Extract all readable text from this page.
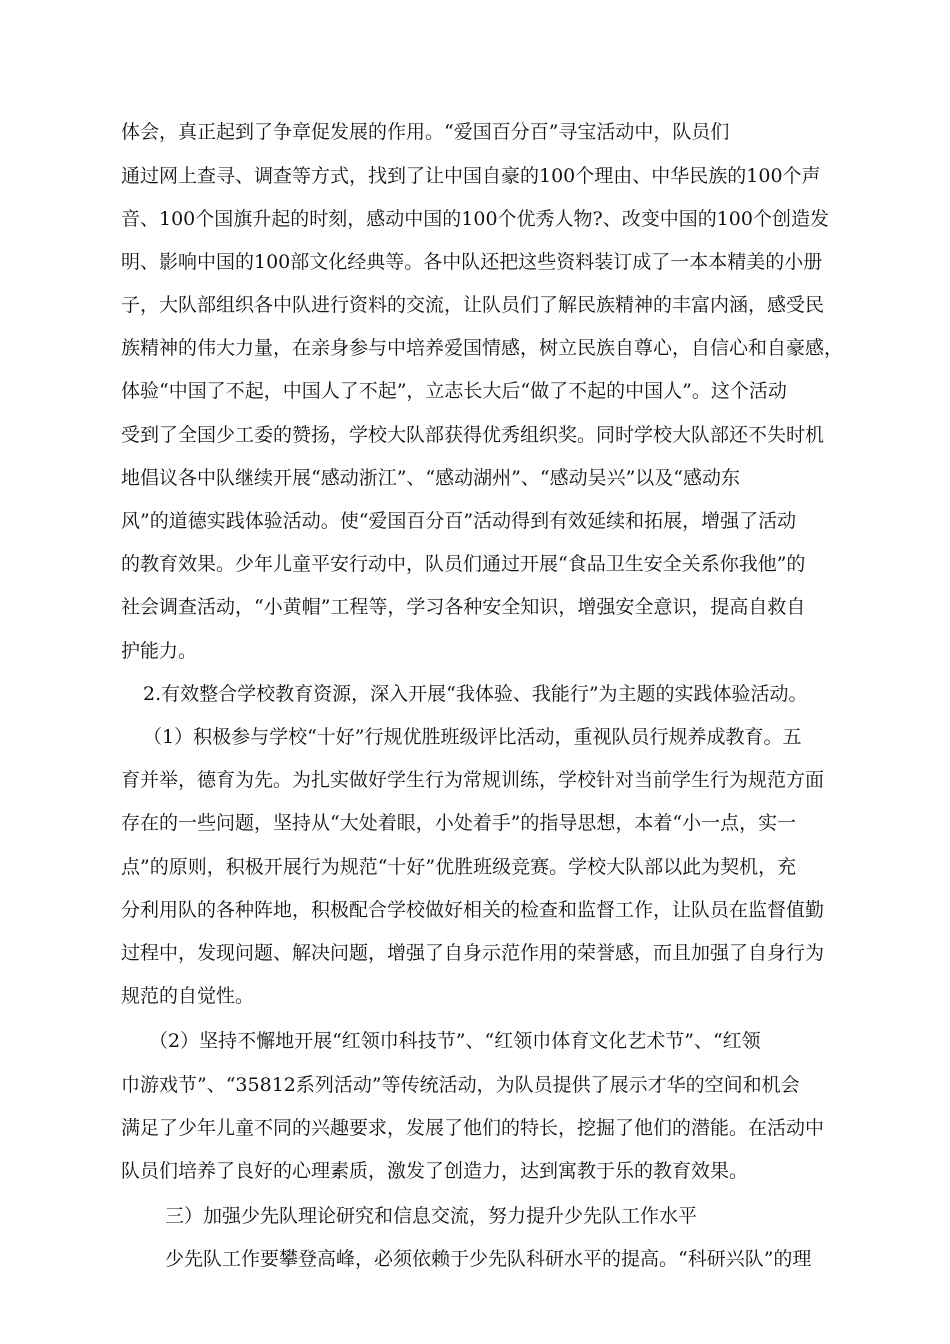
体会，真正起到了争章促发展的作用。“爱国百分百”寻宝活动中，队员们
通过网上查寻、调查等方式，找到了让中国自豪的100个理由、中华民族的100个声
音、100个国旗升起的时刻，感动中国的100个优秀人物?、改变中国的100个创造发
明、影响中国的100部文化经典等。各中队还把这些资料装订成了一本本精美的小册
子，大队部组织各中队进行资料的交流，让队员们了解民族精神的丰富内涵，感受民
族精神的伟大力量，在亲身参与中培养爱国情感，树立民族自尊心，自信心和自豪感，
体验“中国了不起，中国人了不起”，立志长大后“做了不起的中国人”。这个活动
受到了全国少工委的赞扬，学校大队部获得优秀组织奖。同时学校大队部还不失时机
地倡议各中队继续开展“感动浙江”、“感动湖州”、“感动吴兴”以及“感动东
风”的道德实践体验活动。使“爱国百分百”活动得到有效延续和拓展，增强了活动
的教育效果。少年儿童平安行动中，队员们通过开展“食品卫生安全关系你我他”的
社会调查活动，“小黄帽”工程等，学习各种安全知识，增强安全意识，提高自救自
护能力。
2.有效整合学校教育资源，深入开展“我体验、我能行”为主题的实践体验活动。
（1）积极参与学校“十好”行规优胜班级评比活动，重视队员行规养成教育。五
育并举，德育为先。为扎实做好学生行为常规训练，学校针对当前学生行为规范方面
存在的一些问题，坚持从“大处着眼，小处着手”的指导思想，本着“小一点，实一
点”的原则，积极开展行为规范“十好”优胜班级竞赛。学校大队部以此为契机，充
分利用队的各种阵地，积极配合学校做好相关的检查和监督工作，让队员在监督值勤
过程中，发现问题、解决问题，增强了自身示范作用的荣誉感，而且加强了自身行为
规范的自觉性。
（2）坚持不懈地开展“红领巾科技节”、“红领巾体育文化艺术节”、“红领
巾游戏节”、“35812系列活动”等传统活动，为队员提供了展示才华的空间和机会
满足了少年儿童不同的兴趣要求，发展了他们的特长，挖掘了他们的潜能。在活动中
队员们培养了良好的心理素质，激发了创造力，达到寓教于乐的教育效果。
三）加强少先队理论研究和信息交流，努力提升少先队工作水平
少先队工作要攀登高峰，必须依赖于少先队科研水平的提高。“科研兴队”的理
